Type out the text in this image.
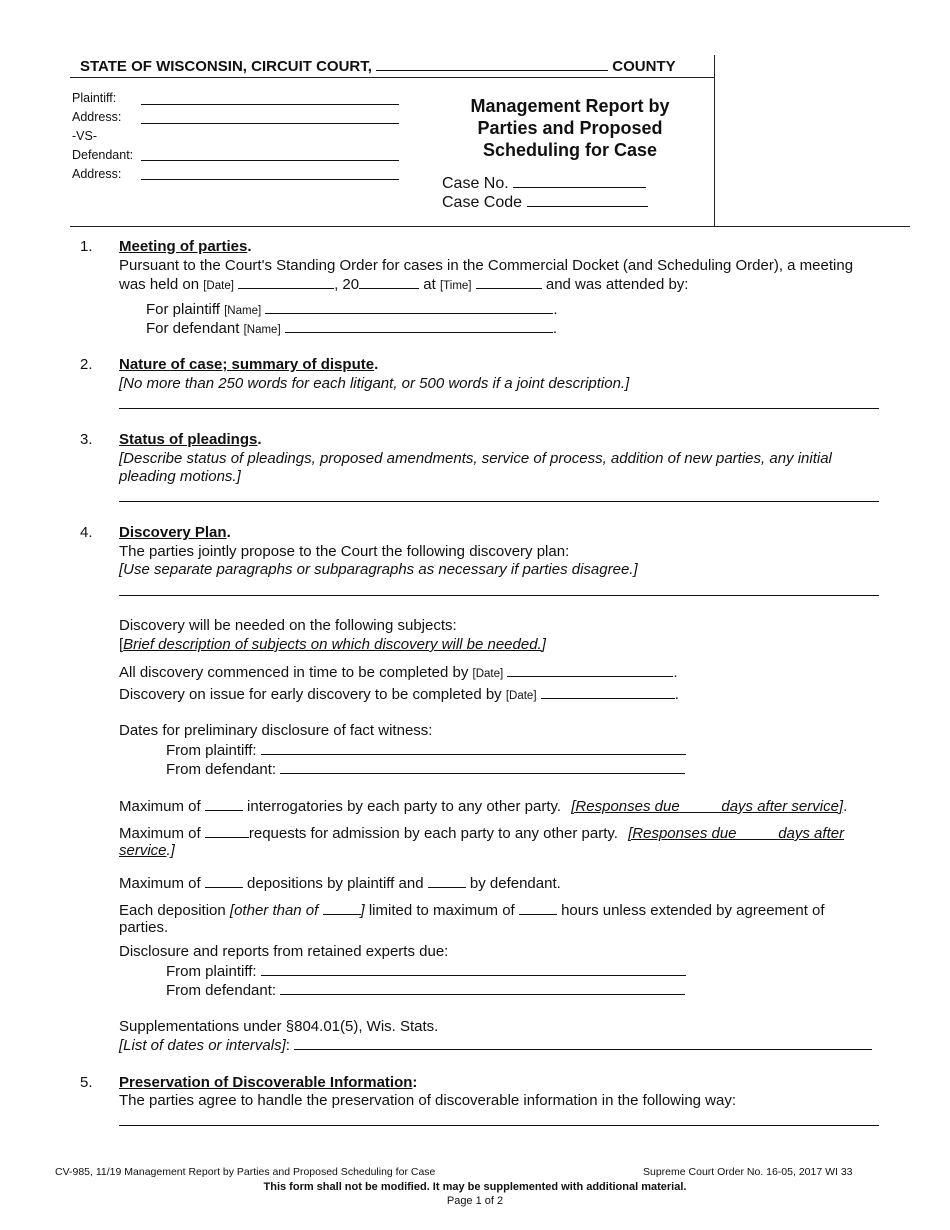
STATE OF WISCONSIN, CIRCUIT COURT,	COUNTY
Plaintiff:
Address:
-VS-
Defendant:
Address:
Management Report by
Parties and Proposed
Scheduling for Case
Case No.
Case Code
1. Meeting of parties.
Pursuant to the Court's Standing Order for cases in the Commercial Docket (and Scheduling Order), a meeting
was held on [Date]	, 20	at [Time]	and was attended by:
For plaintiff [Name]	.
For defendant [Name]	.
2. Nature of case; summary of dispute.
[No more than 250 words for each litigant, or 500 words if a joint description.]
3. Status of pleadings.
[Describe status of pleadings, proposed amendments, service of process, addition of new parties, any initial
pleading motions.]
4. Discovery Plan.
The parties jointly propose to the Court the following discovery plan:
[Use separate paragraphs or subparagraphs as necessary if parties disagree.]
Discovery will be needed on the following subjects:
[Brief description of subjects on which discovery will be needed.]
All discovery commenced in time to be completed by [Date]	.
Discovery on issue for early discovery to be completed by [Date]	.
Dates for preliminary disclosure of fact witness:
From plaintiff:
From defendant:
Maximum of	interrogatories by each party to any other party. [Responses due	days after service].
Maximum of	requests for admission by each party to any other party. [Responses due	days after
service.]
Maximum of	depositions by plaintiff and	by defendant.
Each deposition [other than of	] limited to maximum of	hours unless extended by agreement of
parties.
Disclosure and reports from retained experts due:
From plaintiff:
From defendant:
Supplementations under §804.01(5), Wis. Stats.
[List of dates or intervals]:
5. Preservation of Discoverable Information:
The parties agree to handle the preservation of discoverable information in the following way:
CV-985, 11/19 Management Report by Parties and Proposed Scheduling for Case	Supreme Court Order No. 16-05, 2017 WI 33
This form shall not be modified. It may be supplemented with additional material.
Page 1 of 2
